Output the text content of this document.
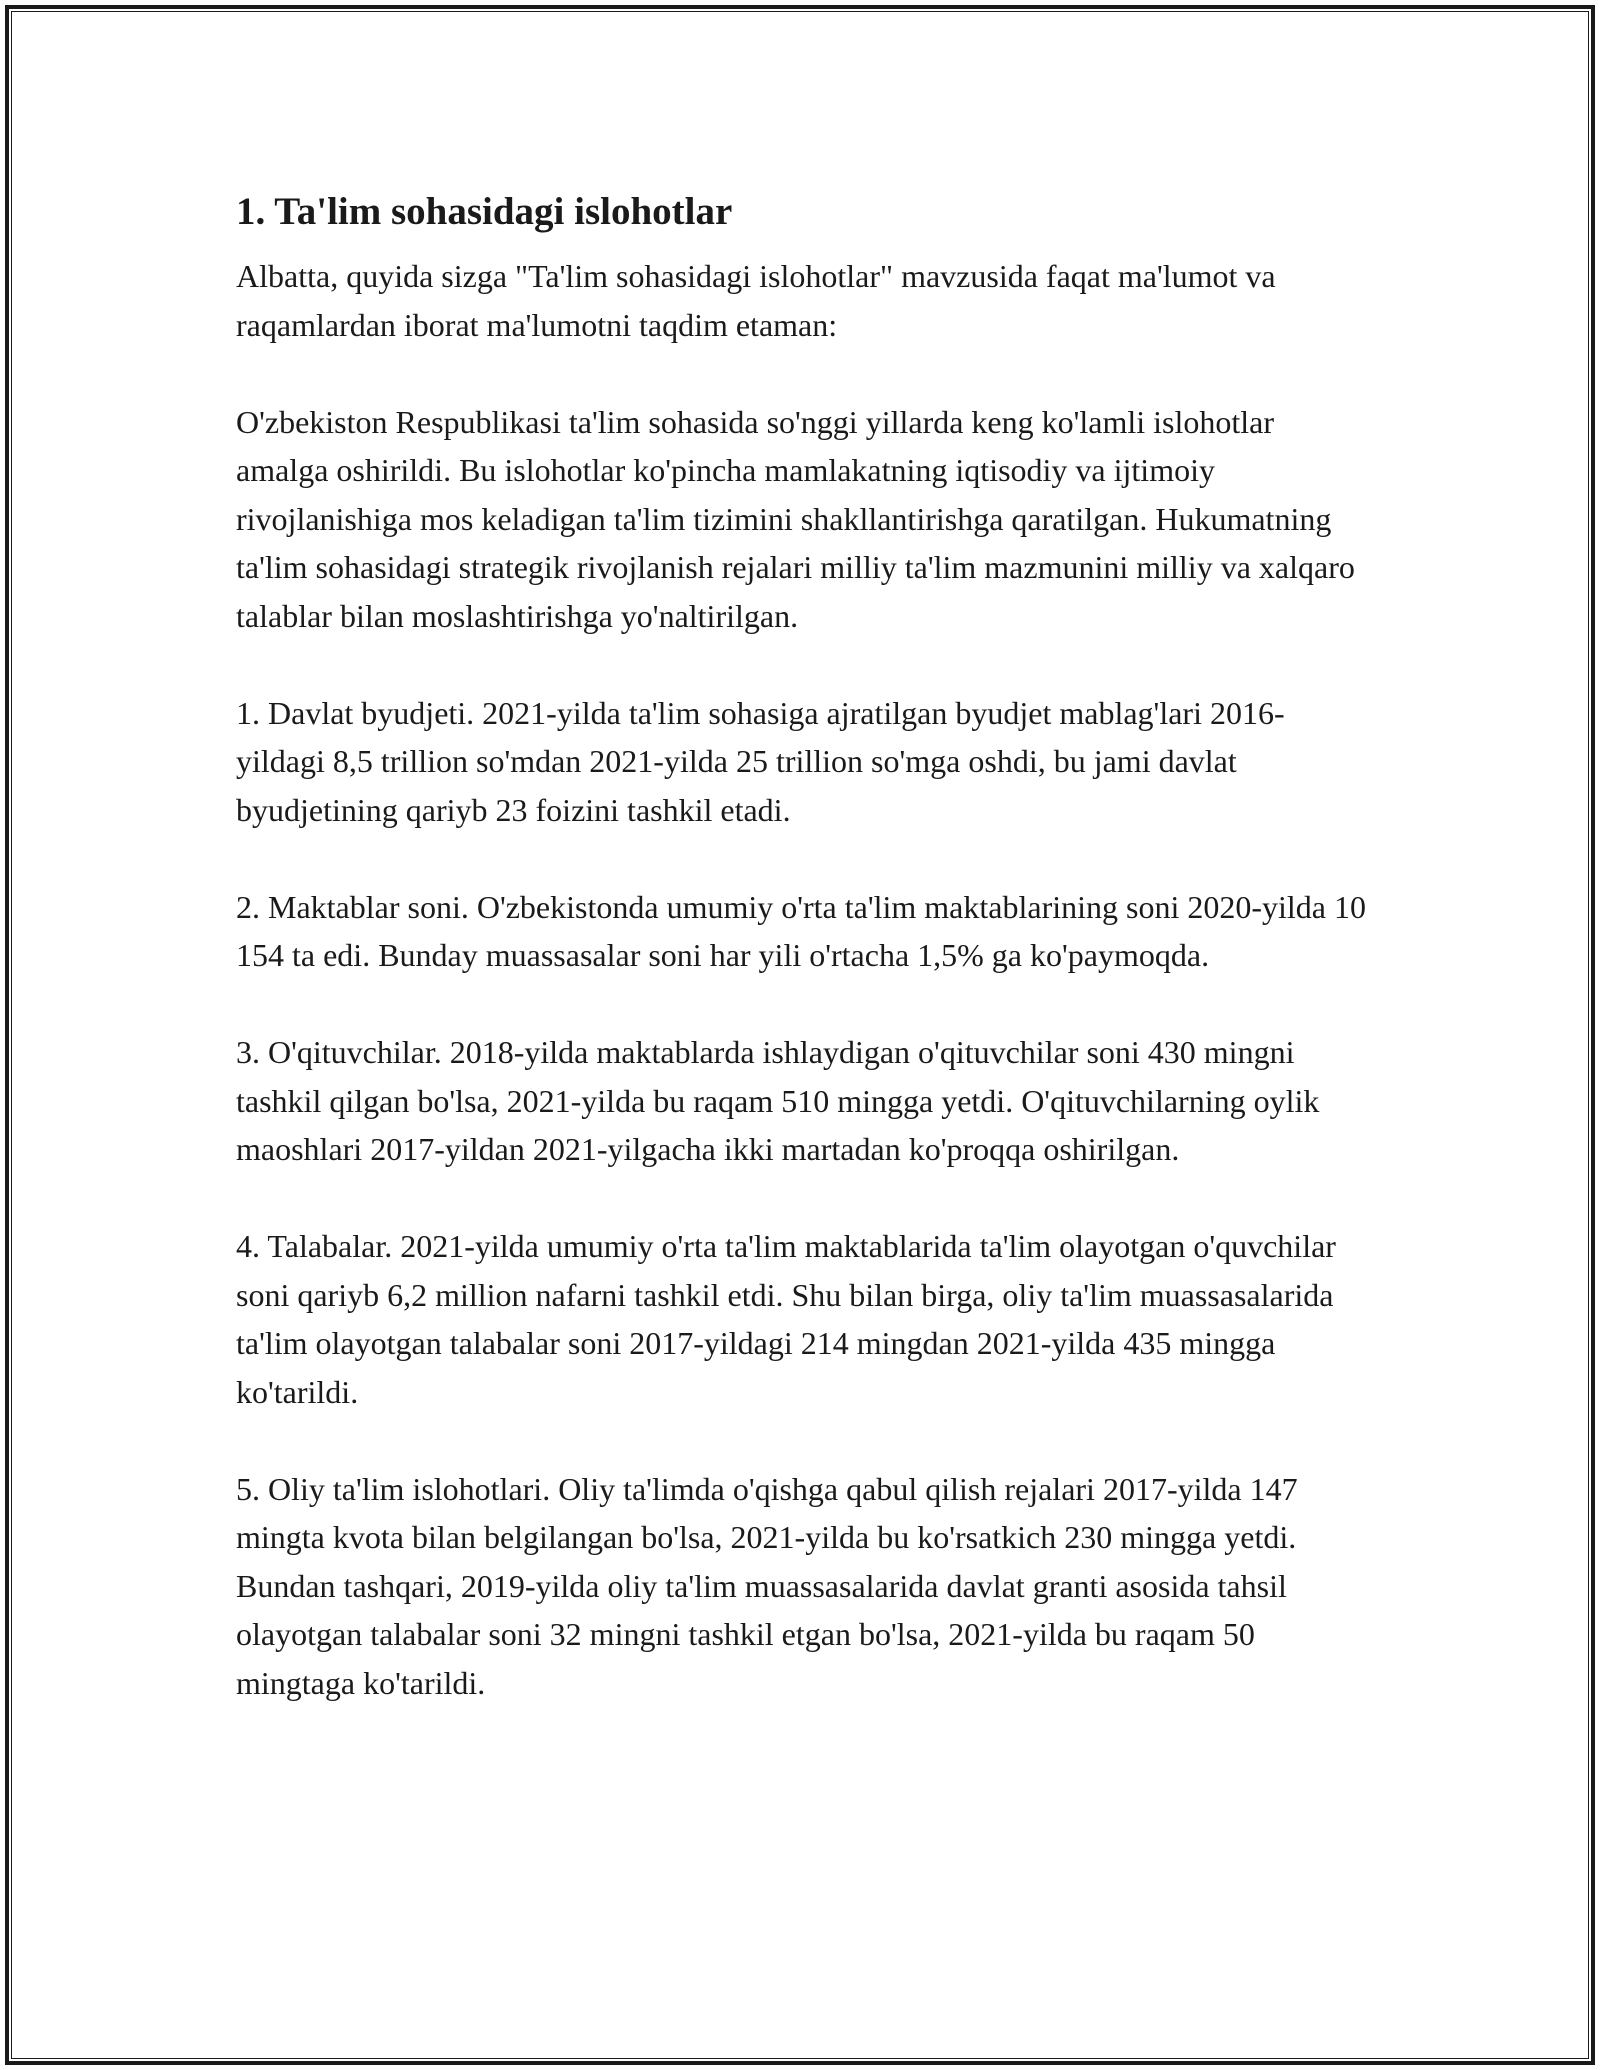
1. Ta'lim sohasidagi islohotlar

Albatta, quyida sizga "Ta'lim sohasidagi islohotlar" mavzusida faqat ma'lumot va raqamlardan iborat ma'lumotni taqdim etaman:

O'zbekiston Respublikasi ta'lim sohasida so'nggi yillarda keng ko'lamli islohotlar amalga oshirildi. Bu islohotlar ko'pincha mamlakatning iqtisodiy va ijtimoiy rivojlanishiga mos keladigan ta'lim tizimini shakllantirishga qaratilgan. Hukumatning ta'lim sohasidagi strategik rivojlanish rejalari milliy ta'lim mazmunini milliy va xalqaro talablar bilan moslashtirishga yo'naltirilgan.

1. Davlat byudjeti. 2021-yilda ta'lim sohasiga ajratilgan byudjet mablag'lari 2016-yildagi 8,5 trillion so'mdan 2021-yilda 25 trillion so'mga oshdi, bu jami davlat byudjetining qariyb 23 foizini tashkil etadi.

2. Maktablar soni. O'zbekistonda umumiy o'rta ta'lim maktablarining soni 2020-yilda 10 154 ta edi. Bunday muassasalar soni har yili o'rtacha 1,5% ga ko'paymoqda.

3. O'qituvchilar. 2018-yilda maktablarda ishlaydigan o'qituvchilar soni 430 mingni tashkil qilgan bo'lsa, 2021-yilda bu raqam 510 mingga yetdi. O'qituvchilarning oylik maoshlari 2017-yildan 2021-yilgacha ikki martadan ko'proqqa oshirilgan.

4. Talabalar. 2021-yilda umumiy o'rta ta'lim maktablarida ta'lim olayotgan o'quvchilar soni qariyb 6,2 million nafarni tashkil etdi. Shu bilan birga, oliy ta'lim muassasalarida ta'lim olayotgan talabalar soni 2017-yildagi 214 mingdan 2021-yilda 435 mingga ko'tarildi.

5. Oliy ta'lim islohotlari. Oliy ta'limda o'qishga qabul qilish rejalari 2017-yilda 147 mingta kvota bilan belgilangan bo'lsa, 2021-yilda bu ko'rsatkich 230 mingga yetdi. Bundan tashqari, 2019-yilda oliy ta'lim muassasalarida davlat granti asosida tahsil olayotgan talabalar soni 32 mingni tashkil etgan bo'lsa, 2021-yilda bu raqam 50 mingtaga ko'tarildi.
